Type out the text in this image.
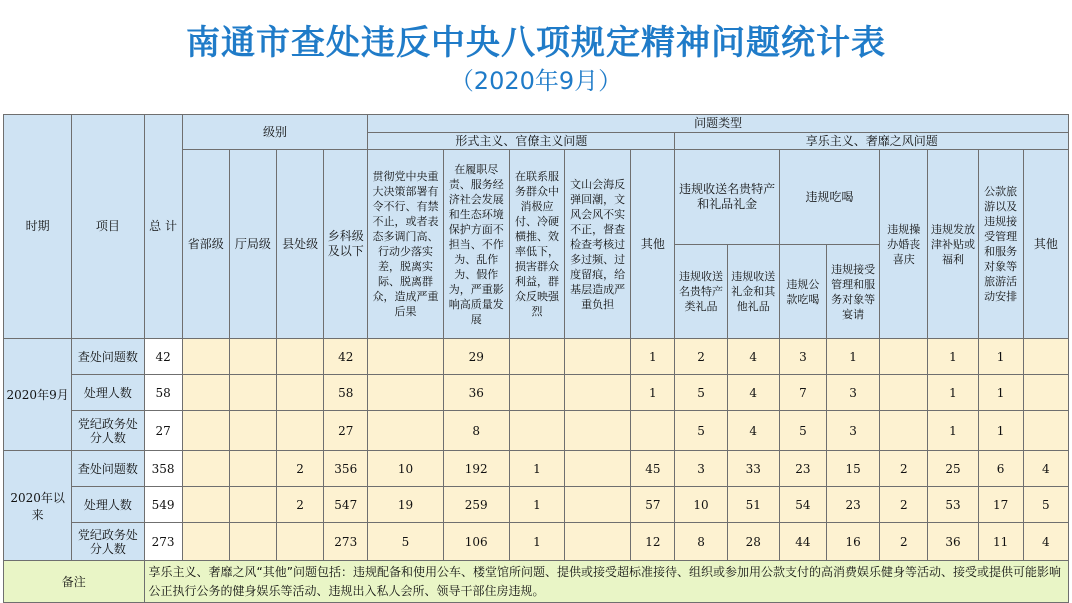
南通市查处违反中央八项规定精神问题统计表
（2020年9月）
时期	项目	总 计	级别				问题类型												
							形式主义、官僚主义问题					享乐主义、奢靡之风问题							
			省部级	厅局级	县处级	乡科级及以下	贯彻党中央重大决策部署有令不行、有禁不止，或者表态多调门高、行动少落实差，脱离实际、脱离群众，造成严重后果	在履职尽责、服务经济社会发展和生态环境保护方面不担当、不作为、乱作为、假作为，严重影响高质量发展	在联系服务群众中消极应付、冷硬横推、效率低下，损害群众利益，群众反映强烈	文山会海反弹回潮，文风会风不实不正，督查检查考核过多过频、过度留痕，给基层造成严重负担	其他	违规收送名贵特产和礼品礼金		违规吃喝		违规操办婚丧喜庆	违规发放津补贴或福利	公款旅游以及违规接受管理和服务对象等旅游活动安排	其他
												违规收送名贵特产类礼品	违规收送礼金和其他礼品	违规公款吃喝	违规接受管理和服务对象等宴请				
2020年9月	查处问题数	42				42		29			1	2	4	3	1		1	1	
	处理人数	58				58		36			1	5	4	7	3		1	1	
	党纪政务处分人数	27				27		8				5	4	5	3		1	1	
2020年以来	查处问题数	358			2	356	10	192	1		45	3	33	23	15	2	25	6	4
	处理人数	549			2	547	19	259	1		57	10	51	54	23	2	53	17	5
	党纪政务处分人数	273				273	5	106	1		12	8	28	44	16	2	36	11	4
备注		享乐主义、奢靡之风“其他”问题包括：违规配备和使用公车、楼堂馆所问题、提供或接受超标准接待、组织或参加用公款支付的高消费娱乐健身等活动、接受或提供可能影响公正执行公务的健身娱乐等活动、违规出入私人会所、领导干部住房违规。																	
